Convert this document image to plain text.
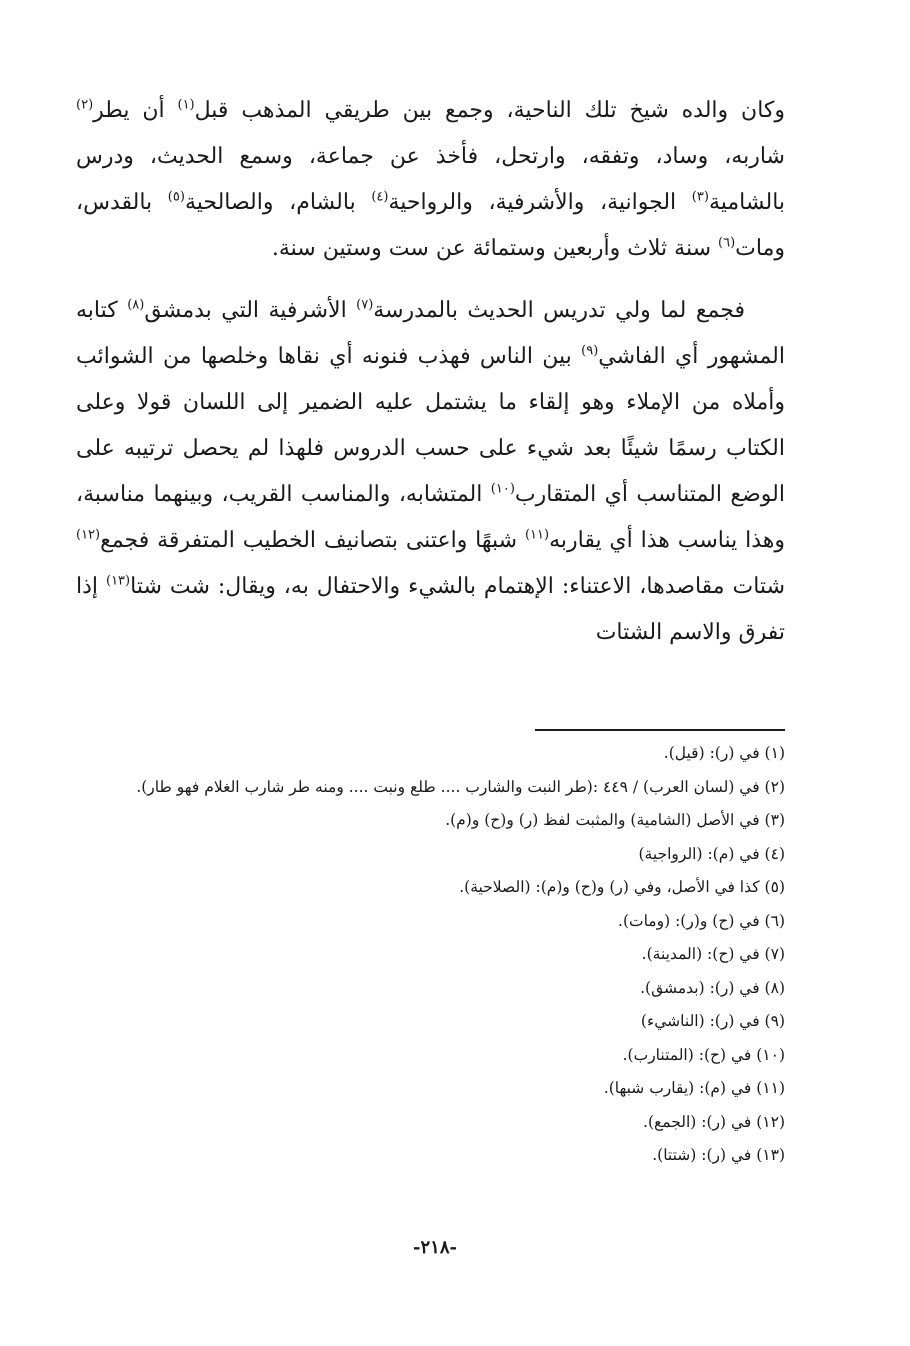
وكان والده شيخ تلك الناحية، وجمع بين طريقي المذهب قبل$^{(١)}$ أن يطر$^{(٢)}$ شاربه، وساد، وتفقه، وارتحل، فأخذ عن جماعة، وسمع الحديث، ودرس بالشامية$^{(٣)}$ الجوانية، والأشرفية، والرواحية$^{(٤)}$ بالشام، والصالحية$^{(٥)}$ بالقدس، ومات$^{(٦)}$ سنة ثلاث وأربعين وستمائة عن ست وستين سنة.

فجمع لما ولي تدريس الحديث بالمدرسة$^{(٧)}$ الأشرفية التي بدمشق$^{(٨)}$ كتابه المشهور أي الفاشي$^{(٩)}$ بين الناس فهذب فنونه أي نقاها وخلصها من الشوائب وأملاه من الإملاء وهو إلقاء ما يشتمل عليه الضمير إلى اللسان قولا وعلى الكتاب رسمًا شيئًا بعد شيء على حسب الدروس فلهذا لم يحصل ترتيبه على الوضع المتناسب أي المتقارب$^{(١٠)}$ المتشابه، والمناسب القريب، وبينهما مناسبة، وهذا يناسب هذا أي يقاربه$^{(١١)}$ شبهًا واعتنى بتصانيف الخطيب المتفرقة فجمع$^{(١٢)}$ شتات مقاصدها، الاعتناء: الإهتمام بالشيء والاحتفال به، ويقال: شت شتا$^{(١٣)}$ إذا تفرق والاسم الشتات

(١) في (ر): (قيل).
(٢) في (لسان العرب) / ٤٤٩ :(طر النبت والشارب .... طلع ونبت .... ومنه طر شارب الغلام فهو طار).
(٣) في الأصل (الشامية) والمثبت لفظ (ر) و(ح) و(م).
(٤) في (م): (الرواجية)
(٥) كذا في الأصل، وفي (ر) و(ح) و(م): (الصلاحية).
(٦) في (ح) و(ر): (ومات).
(٧) في (ح): (المدينة).
(٨) في (ر): (بدمشق).
(٩) في (ر): (الناشيء)
(١٠) في (ح): (المتنارب).
(١١) في (م): (يقارب شبها).
(١٢) في (ر): (الجمع).
(١٣) في (ر): (شتتا).
-٢١٨-
